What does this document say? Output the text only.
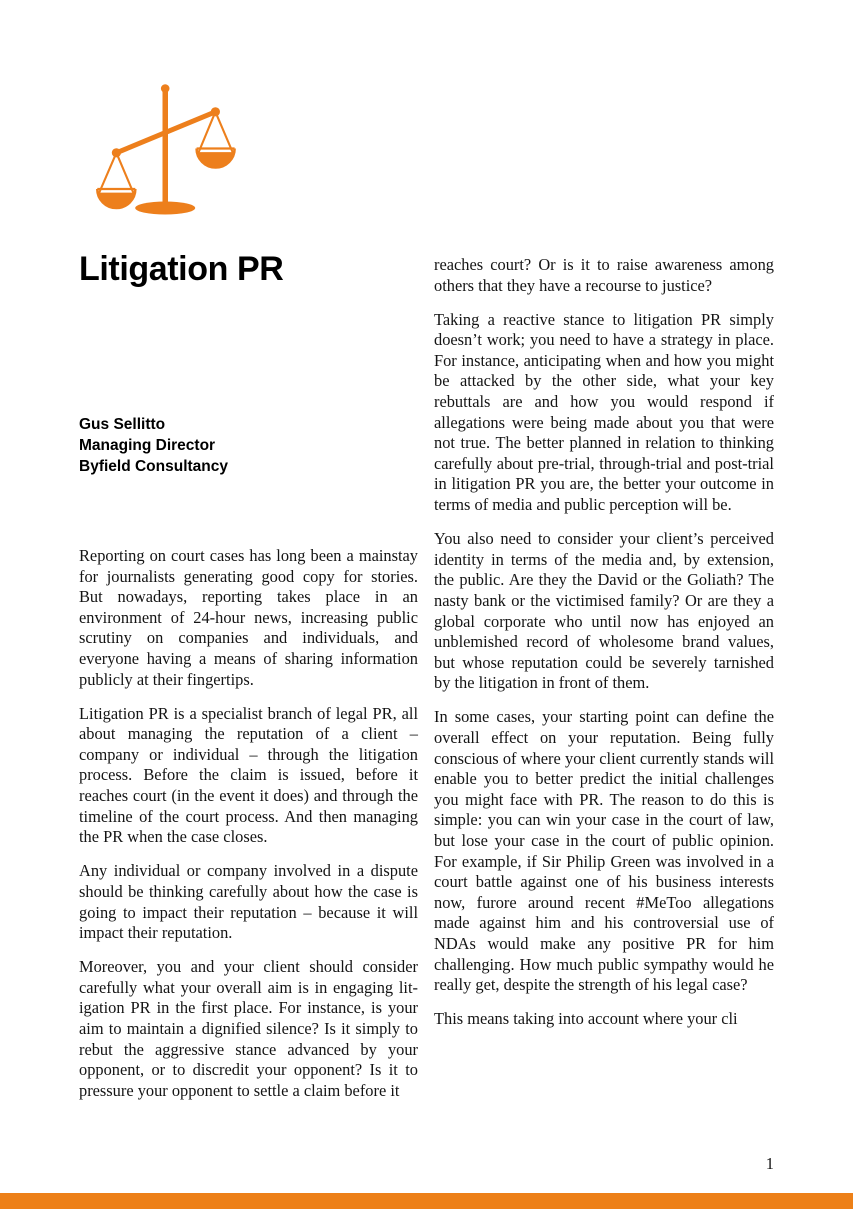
Litigation PR
Gus Sellitto
Managing Director
Byfield Consultancy

Reporting on court cases has long been a mainstay for journalists generating good copy for stories. But nowadays, reporting takes place in an environment of 24-hour news, increasing public scrutiny on companies and individuals, and everyone having a means of sharing information publicly at their fingertips.

Litigation PR is a specialist branch of legal PR, all about managing the reputation of a client – company or individual – through the litigation process. Before the claim is issued, before it reaches court (in the event it does) and through the timeline of the court process. And then managing the PR when the case closes.

Any individual or company involved in a dispute should be thinking carefully about how the case is going to impact their reputation – because it will impact their reputation.

Moreover, you and your client should consider carefully what your overall aim is in engaging litigation PR in the first place. For instance, is your aim to maintain a dignified silence? Is it simply to rebut the aggressive stance advanced by your opponent, or to discredit your opponent? Is it to pressure your opponent to settle a claim before it

reaches court? Or is it to raise awareness among others that they have a recourse to justice?

Taking a reactive stance to litigation PR simply doesn’t work; you need to have a strategy in place. For instance, anticipating when and how you might be attacked by the other side, what your key rebuttals are and how you would respond if allegations were being made about you that were not true. The better planned in relation to thinking carefully about pre-trial, through-trial and post-trial in litigation PR you are, the better your outcome in terms of media and public perception will be.

You also need to consider your client’s perceived identity in terms of the media and, by extension, the public. Are they the David or the Goliath? The nasty bank or the victimised family? Or are they a global corporate who until now has enjoyed an unblemished record of wholesome brand values, but whose reputation could be severely tarnished by the litigation in front of them.

In some cases, your starting point can define the overall effect on your reputation. Being fully conscious of where your client currently stands will enable you to better predict the initial challenges you might face with PR. The reason to do this is simple: you can win your case in the court of law, but lose your case in the court of public opinion. For example, if Sir Philip Green was involved in a court battle against one of his business interests now, furore around recent #MeToo allegations made against him and his controversial use of NDAs would make any positive PR for him challenging. How much public sympathy would he really get, despite the strength of his legal case?

This means taking into account where your cli

1
